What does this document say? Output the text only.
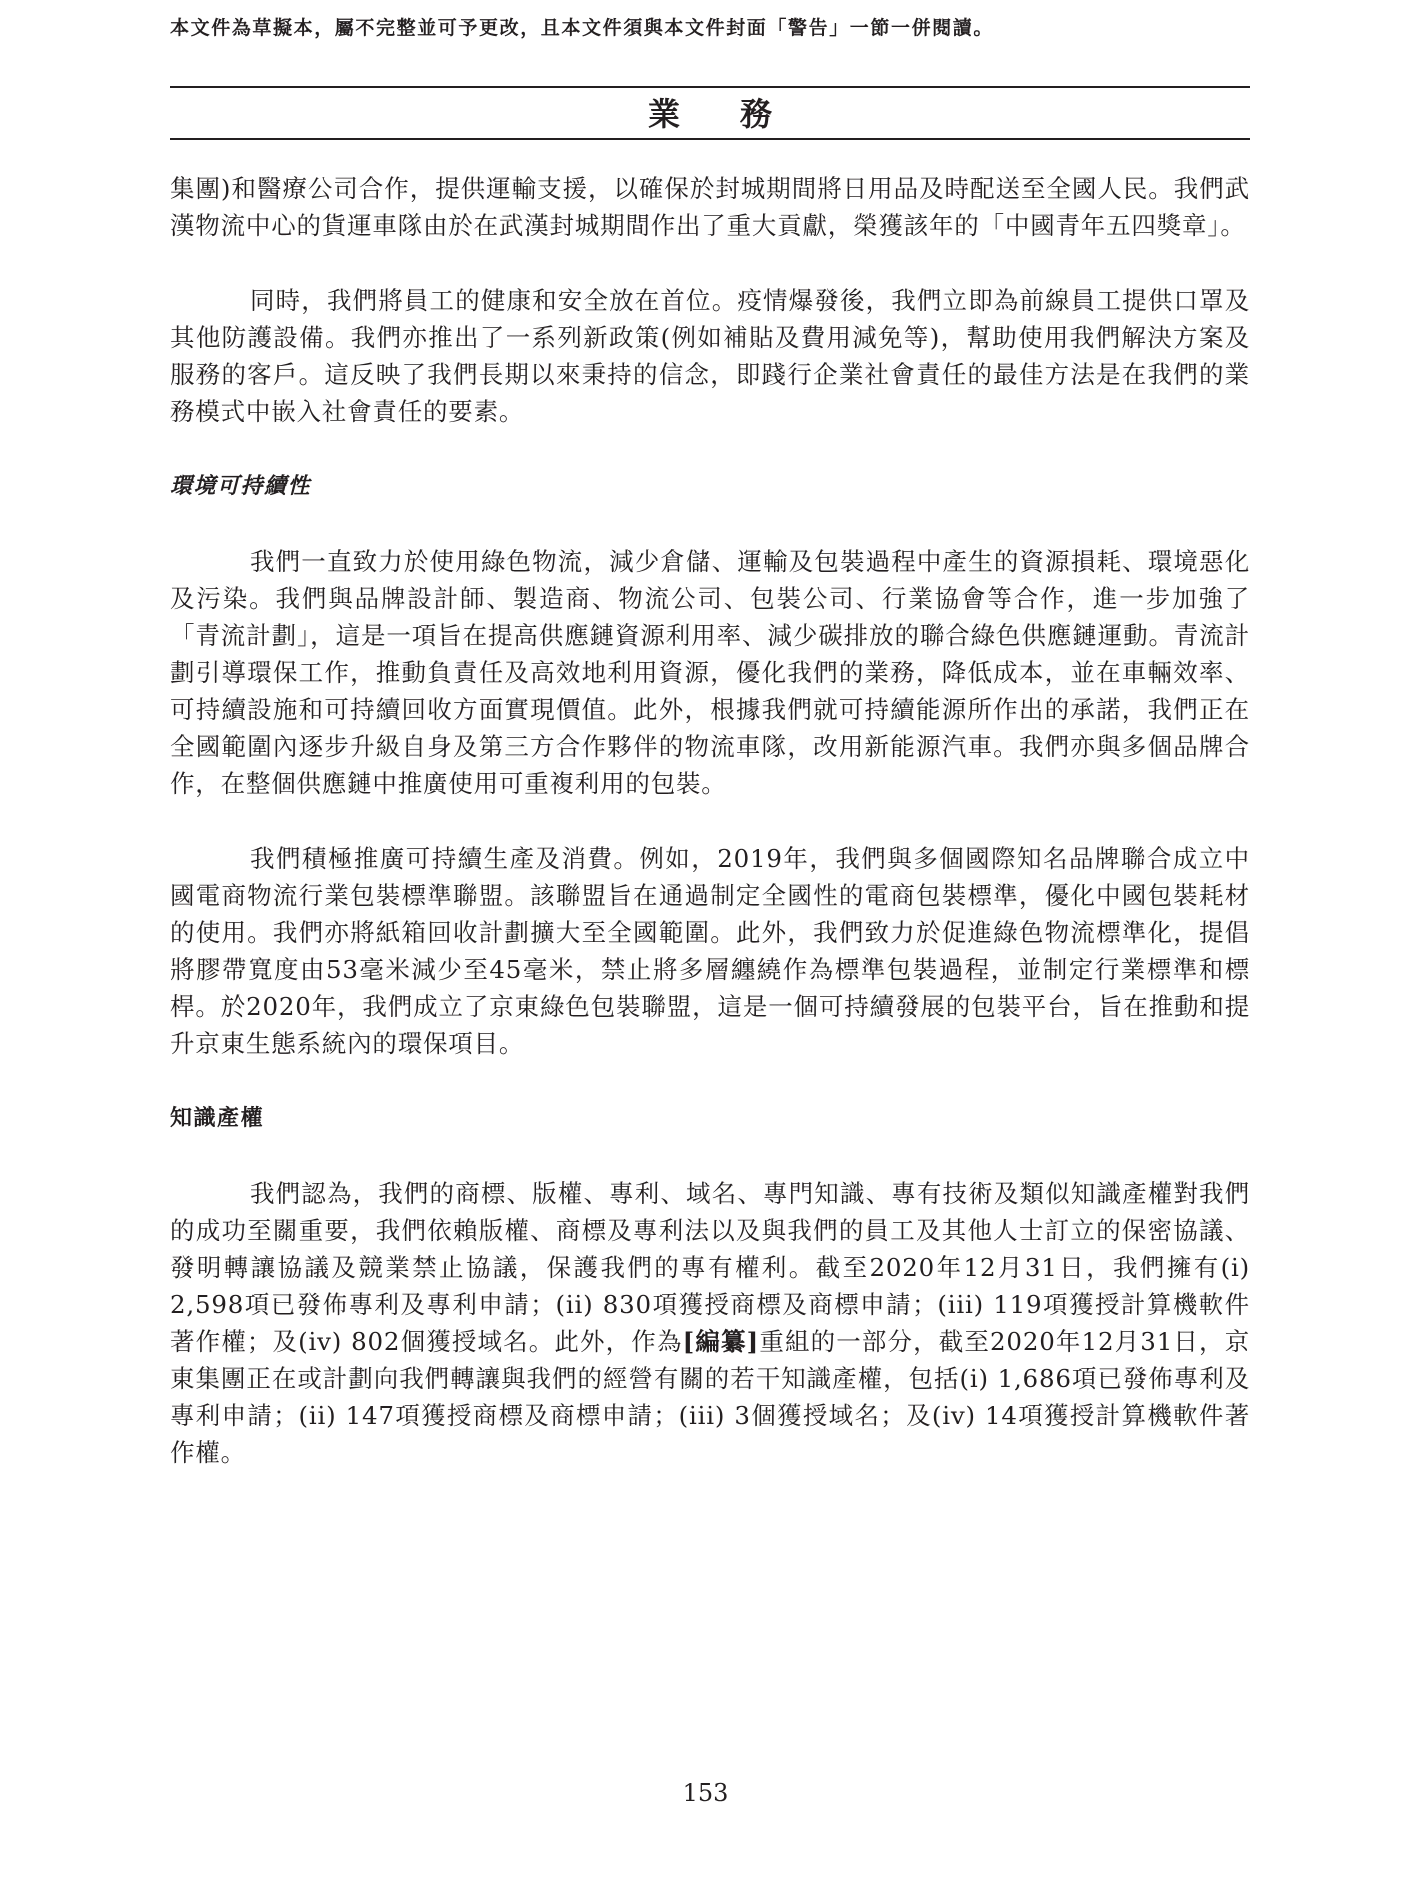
本文件為草擬本，屬不完整並可予更改，且本文件須與本文件封面「警告」一節一併閱讀。
業務

集團)和醫療公司合作，提供運輸支援，以確保於封城期間將日用品及時配送至全國人民。我們武漢物流中心的貨運車隊由於在武漢封城期間作出了重大貢獻，榮獲該年的「中國青年五四獎章」。

同時，我們將員工的健康和安全放在首位。疫情爆發後，我們立即為前線員工提供口罩及其他防護設備。我們亦推出了一系列新政策(例如補貼及費用減免等)，幫助使用我們解決方案及服務的客戶。這反映了我們長期以來秉持的信念，即踐行企業社會責任的最佳方法是在我們的業務模式中嵌入社會責任的要素。

環境可持續性

我們一直致力於使用綠色物流，減少倉儲、運輸及包裝過程中產生的資源損耗、環境惡化及污染。我們與品牌設計師、製造商、物流公司、包裝公司、行業協會等合作，進一步加強了「青流計劃」，這是一項旨在提高供應鏈資源利用率、減少碳排放的聯合綠色供應鏈運動。青流計劃引導環保工作，推動負責任及高效地利用資源，優化我們的業務，降低成本，並在車輛效率、可持續設施和可持續回收方面實現價值。此外，根據我們就可持續能源所作出的承諾，我們正在全國範圍內逐步升級自身及第三方合作夥伴的物流車隊，改用新能源汽車。我們亦與多個品牌合作，在整個供應鏈中推廣使用可重複利用的包裝。

我們積極推廣可持續生產及消費。例如，2019年，我們與多個國際知名品牌聯合成立中國電商物流行業包裝標準聯盟。該聯盟旨在通過制定全國性的電商包裝標準，優化中國包裝耗材的使用。我們亦將紙箱回收計劃擴大至全國範圍。此外，我們致力於促進綠色物流標準化，提倡將膠帶寬度由53毫米減少至45毫米，禁止將多層纏繞作為標準包裝過程，並制定行業標準和標桿。於2020年，我們成立了京東綠色包裝聯盟，這是一個可持續發展的包裝平台，旨在推動和提升京東生態系統內的環保項目。

知識產權

我們認為，我們的商標、版權、專利、域名、專門知識、專有技術及類似知識產權對我們的成功至關重要，我們依賴版權、商標及專利法以及與我們的員工及其他人士訂立的保密協議、發明轉讓協議及競業禁止協議，保護我們的專有權利。截至2020年12月31日，我們擁有(i) 2,598項已發佈專利及專利申請；(ii) 830項獲授商標及商標申請；(iii) 119項獲授計算機軟件著作權；及(iv) 802個獲授域名。此外，作為[編纂]重組的一部分，截至2020年12月31日，京東集團正在或計劃向我們轉讓與我們的經營有關的若干知識產權，包括(i) 1,686項已發佈專利及專利申請；(ii) 147項獲授商標及商標申請；(iii) 3個獲授域名；及(iv) 14項獲授計算機軟件著作權。

153
